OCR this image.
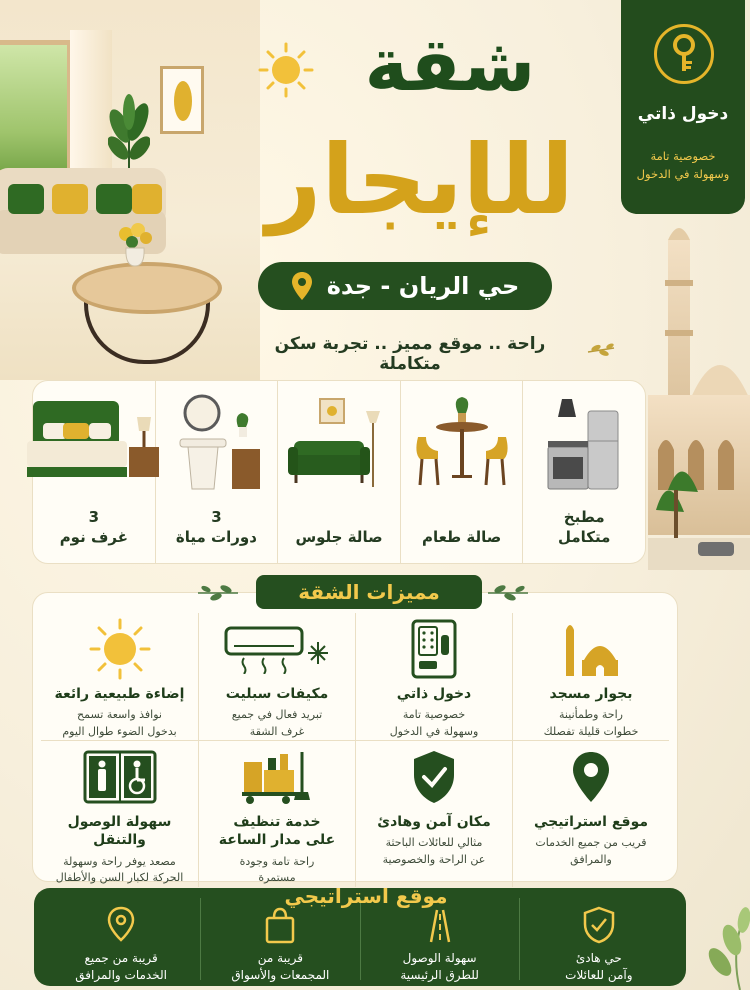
شقة
للإيجار
حي الريان - جدة
راحة .. موقع مميز .. تجربة سكن متكاملة
دخول ذاتي
خصوصية تامة
وسهولة في الدخول
مطبخ
متكامل
صالة طعام
صالة جلوس
3
دورات مياة
3
غرف نوم
بجوار مسجد
راحة وطمأنينة
خطوات قليلة تفصلك
دخول ذاتي
خصوصية تامة
وسهولة في الدخول
مكيفات سبليت
تبريد فعال في جميع
غرف الشقة
إضاءة طبيعية رائعة
نوافذ واسعة تسمح
بدخول الضوء طوال اليوم
موقع استراتيجي
قريب من جميع الخدمات
والمرافق
مكان آمن وهادئ
مثالي للعائلات الباحثة
عن الراحة والخصوصية
خدمة تنظيف
على مدار الساعة
راحة تامة وجودة
مستمرة
سهولة الوصول والتنقل
مصعد يوفر راحة وسهولة
الحركة لكبار السن والأطفال
مميزات الشقة
حي هادئ
وآمن للعائلات
سهولة الوصول
للطرق الرئيسية
قريبة من
المجمعات والأسواق
قريبة من جميع
الخدمات والمرافق
موقع استراتيجي
